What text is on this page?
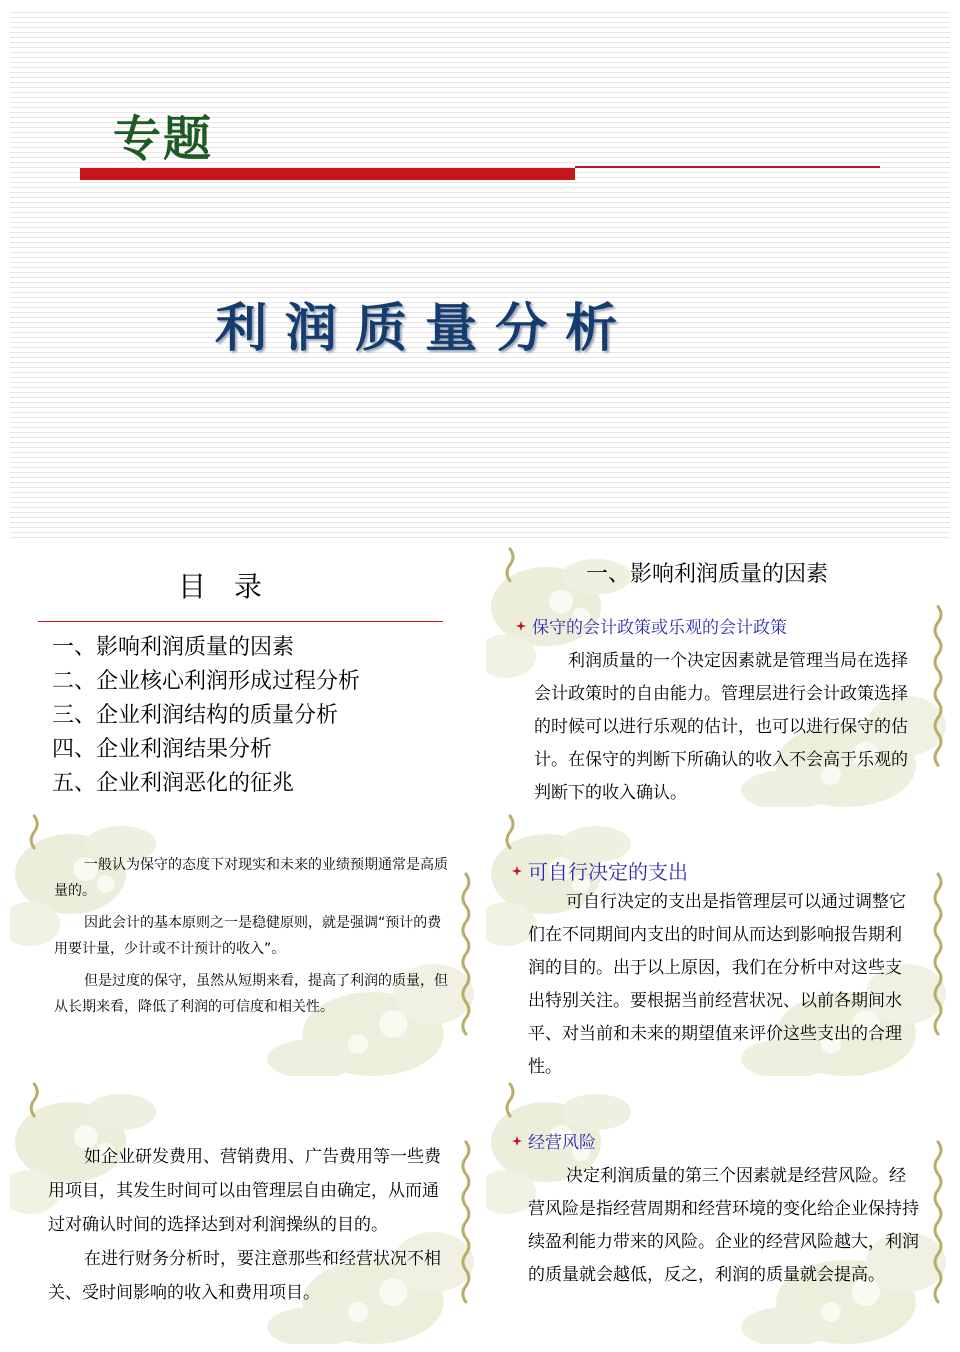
专题
利润质量分析
目录
一、影响利润质量的因素
二、企业核心利润形成过程分析
三、企业利润结构的质量分析
四、企业利润结果分析
五、企业利润恶化的征兆
一、影响利润质量的因素
保守的会计政策或乐观的会计政策

利润质量的一个决定因素就是管理当局在选择会计政策时的自由能力。管理层进行会计政策选择的时候可以进行乐观的估计，也可以进行保守的估计。在保守的判断下所确认的收入不会高于乐观的判断下的收入确认。

一般认为保守的态度下对现实和未来的业绩预期通常是高质量的。

因此会计的基本原则之一是稳健原则，就是强调“预计的费用要计量，少计或不计预计的收入”。

但是过度的保守，虽然从短期来看，提高了利润的质量，但从长期来看，降低了利润的可信度和相关性。

可自行决定的支出

可自行决定的支出是指管理层可以通过调整它们在不同期间内支出的时间从而达到影响报告期利润的目的。出于以上原因，我们在分析中对这些支出特别关注。要根据当前经营状况、以前各期间水平、对当前和未来的期望值来评价这些支出的合理性。

如企业研发费用、营销费用、广告费用等一些费用项目，其发生时间可以由管理层自由确定，从而通过对确认时间的选择达到对利润操纵的目的。

在进行财务分析时，要注意那些和经营状况不相关、受时间影响的收入和费用项目。

经营风险

决定利润质量的第三个因素就是经营风险。经营风险是指经营周期和经营环境的变化给企业保持持续盈利能力带来的风险。企业的经营风险越大，利润的质量就会越低，反之，利润的质量就会提高。
